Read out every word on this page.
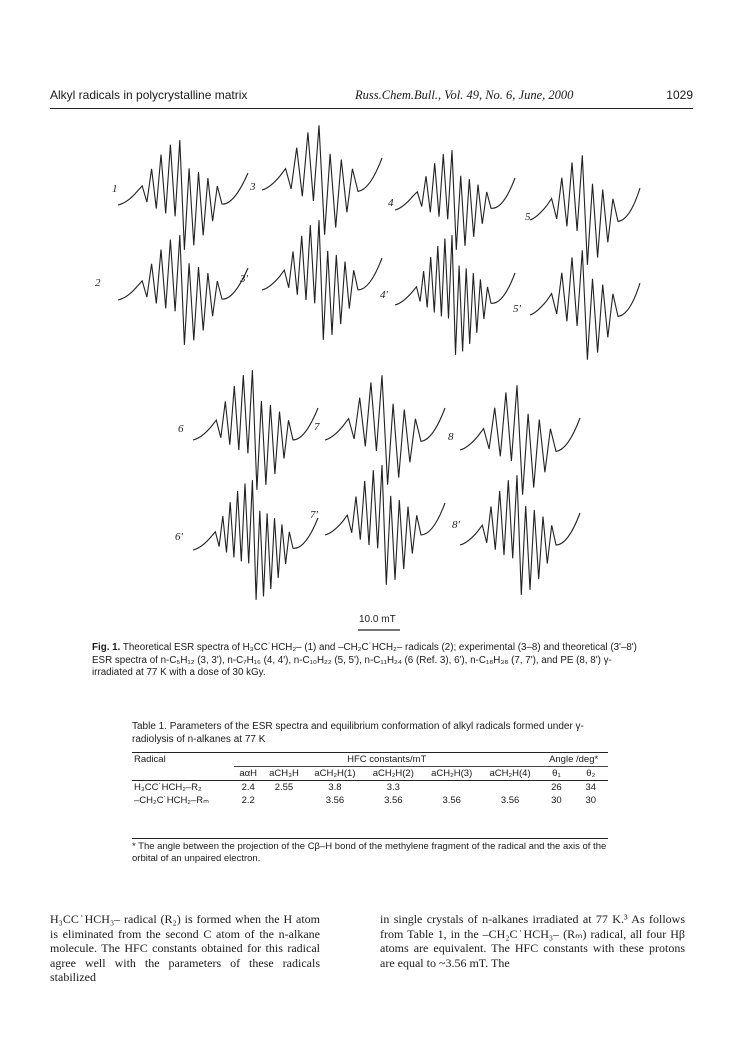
Alkyl radicals in polycrystalline matrix	Russ.Chem.Bull., Vol. 49, No. 6, June, 2000	1029
1
2
3
3'
4
4'
5
5'
6
6'
7
7'
8
8'
10.0 mT
Fig. 1. Theoretical ESR spectra of H₃CC˙HCH₂– (1) and –CH₂C˙HCH₂– radicals (2); experimental (3–8) and theoretical (3'–8') ESR spectra of n-C₅H₁₂ (3, 3'), n-C₇H₁₆ (4, 4'), n-C₁₀H₂₂ (5, 5'), n-C₁₁H₂₄ (6 (Ref. 3), 6'), n-C₁₈H₃₈ (7, 7'), and PE (8, 8') γ-irradiated at 77 K with a dose of 30 kGy.
Table 1. Parameters of the ESR spectra and equilibrium conformation of alkyl radicals formed under γ-radiolysis of n-alkanes at 77 K
Radical	HFC constants/mT						Angle /deg*	
	aαH	aCH₃H	aCH₂H(1)	aCH₂H(2)	aCH₂H(3)	aCH₂H(4)	θ₁	θ₂
H₃CC˙HCH₂–R₂	2.4	2.55	3.8	3.3			26	34
–CH₂C˙HCH₂–Rₘ	2.2		3.56	3.56	3.56	3.56	30	30
* The angle between the projection of the Cβ–H bond of the methylene fragment of the radical and the axis of the orbital of an unpaired electron.
H₃CC˙HCH₃– radical (R₂) is formed when the H atom is eliminated from the second C atom of the n-alkane molecule. The HFC constants obtained for this radical agree well with the parameters of these radicals stabilized
in single crystals of n-alkanes irradiated at 77 K.³ As follows from Table 1, in the –CH₂C˙HCH₃– (Rₘ) radical, all four Hβ atoms are equivalent. The HFC constants with these protons are equal to ~3.56 mT. The
